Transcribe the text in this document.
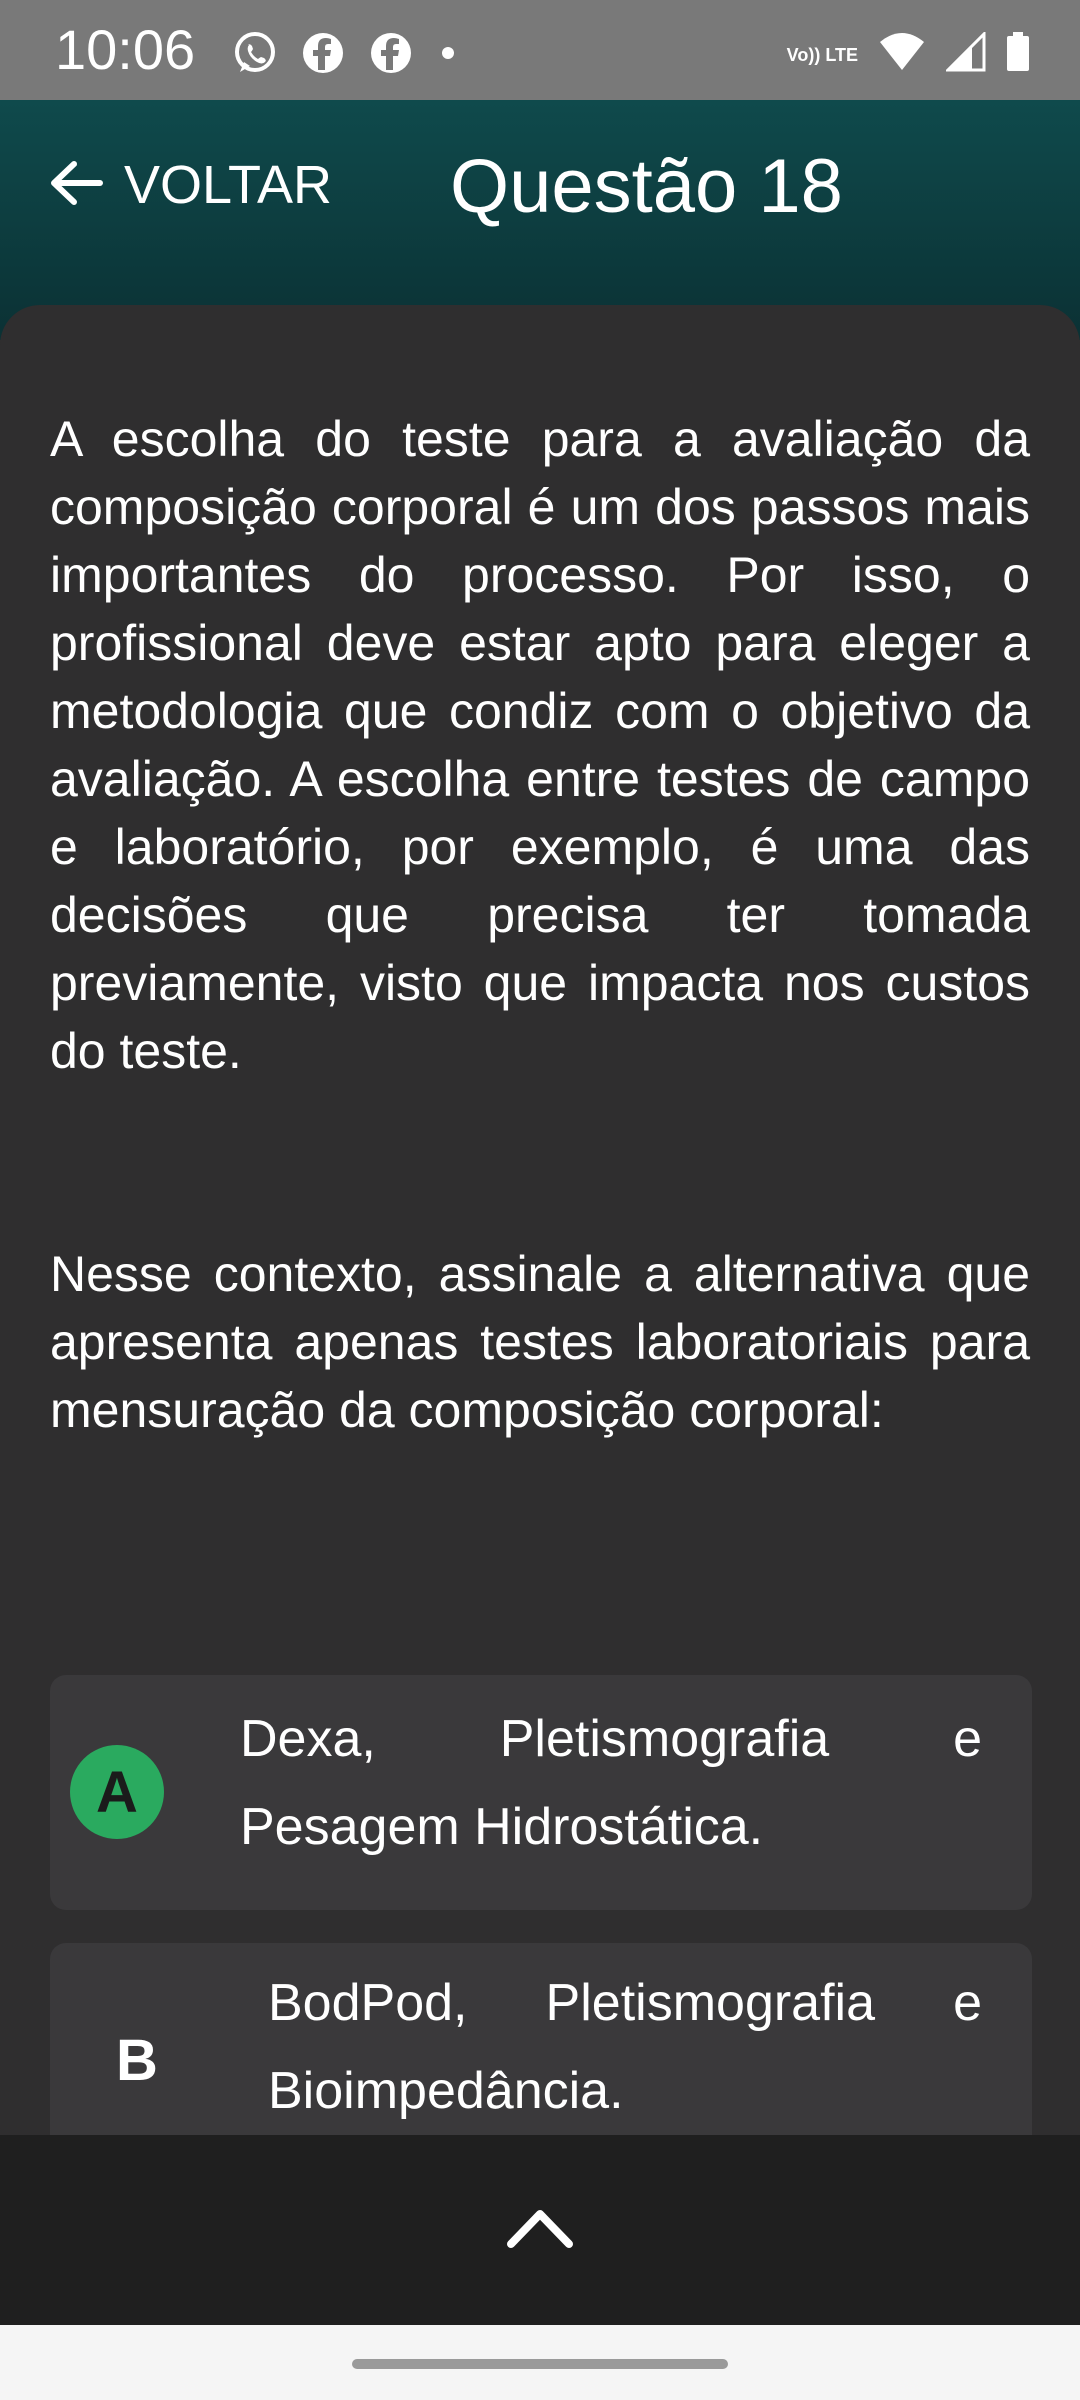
10:06	Vo)) LTE
VOLTAR Questão 18
A escolha do teste para a avaliação da composição corporal é um dos passos mais importantes do processo. Por isso, o profissional deve estar apto para eleger a metodologia que condiz com o objetivo da avaliação. A escolha entre testes de campo e laboratório, por exemplo, é uma das decisões que precisa ter tomada previamente, visto que impacta nos custos do teste.
Nesse contexto, assinale a alternativa que apresenta apenas testes laboratoriais para mensuração da composição corporal:
A
Dexa, Pletismografia e Pesagem Hidrostática.
B
BodPod, Pletismografia e Bioimpedância.
